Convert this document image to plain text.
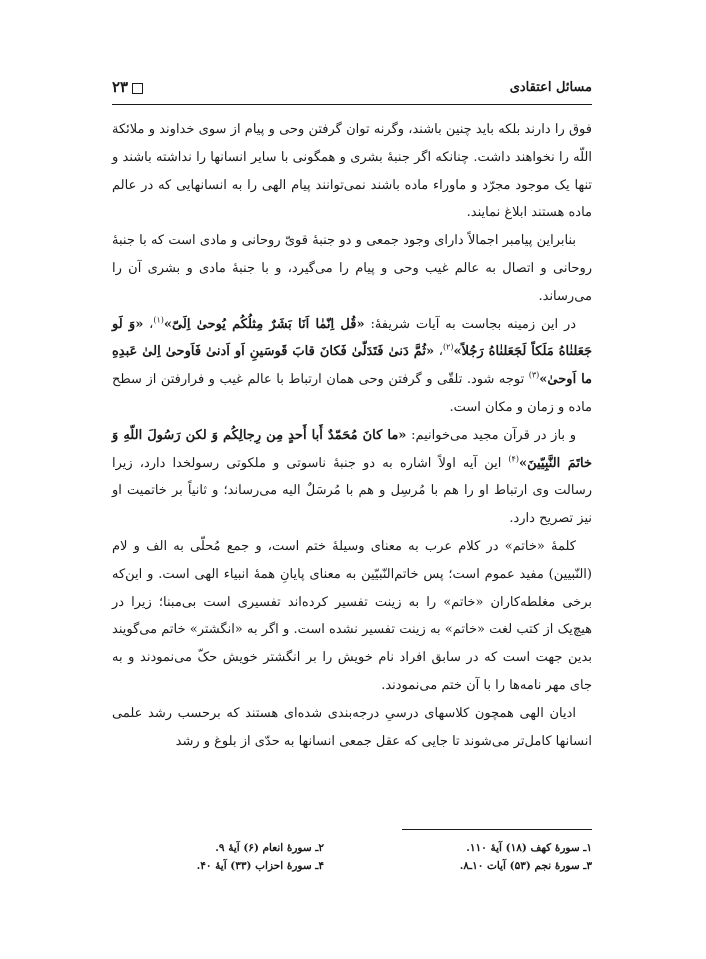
مسائل اعتقادی
۲۳

فوق را دارند بلکه باید چنین باشند، وگرنه توان گرفتن وحی و پیام از سوی خداوند و ملائکة اللّه را نخواهند داشت. چنانکه اگر جنبهٔ بشری و همگونی با سایر انسانها را نداشته باشند و تنها یک موجود مجرّد و ماوراء ماده باشند نمی‌توانند پیام الهی را به انسانهایی که در عالم ماده هستند ابلاغ نمایند.

بنابراین پیامبر اجمالاً دارای وجود جمعی و دو جنبهٔ قویّ روحانی و مادی است که با جنبهٔ روحانی و اتصال به عالم غیب وحی و پیام را می‌گیرد، و با جنبهٔ مادی و بشری آن را می‌رساند.

در این زمینه بجاست به آیات شریفهٔ: «قُل اِنّمٰا اَنَا بَشَرٌ مِثلُکُم یُوحیٰ اِلَیّ»$^{(۱)}$، «وَ لَو جَعَلنٰاهُ مَلَکاً لَجَعَلنٰاهُ رَجُلاً»$^{(۲)}$، «ثُمَّ دَنیٰ فَتَدَلّیٰ فَکانَ قابَ قَوسَینِ اَو اَدنیٰ فَاَوحیٰ اِلیٰ عَبدِهِ ما اَوحیٰ»$^{(۳)}$ توجه شود. تلقّی و گرفتن وحی همان ارتباط با عالم غیب و فرارفتن از سطح ماده و زمان و مکان است.

و باز در قرآن مجید می‌خوانیم: «ما کانَ مُحَمّدٌ أَبا أَحدٍ مِن رِجالِکُم وَ لکن رَسُولَ اللّهِ وَ خاتَمَ النَّبِیّینَ»$^{(۴)}$ این آیه اولاً اشاره به دو جنبهٔ ناسوتی و ملکوتی رسولخدا دارد، زیرا رسالت وی ارتباط او را هم با مُرسِل و هم با مُرسَلٌ الیه می‌رساند؛ و ثانیاً بر خاتمیت او نیز تصریح دارد.

کلمهٔ «خاتم» در کلام عرب به معنای وسیلهٔ ختم است، و جمع مُحلّی به الف و لام (النّبیین) مفید عموم است؛ پس خاتم‌النّبیّین به معنای پایانِ همهٔ انبیاء الهی است. و این‌که برخی مغلطه‌کاران «خاتم» را به زینت تفسیر کرده‌اند تفسیری است بی‌مبنا؛ زیرا در هیچ‌یک از کتب لغت «خاتم» به زینت تفسیر نشده است. و اگر به «انگشتر» خاتم می‌گویند بدین جهت است که در سابق افراد نام خویش را بر انگشتر خویش حکّ می‌نمودند و به جای مهر نامه‌ها را با آن ختم می‌نمودند.

ادیان الهی همچون کلاسهای درسیِ درجه‌بندی شده‌ای هستند که برحسب رشد علمی انسانها کامل‌تر می‌شوند تا جایی که عقل جمعی انسانها به حدّی از بلوغ و رشد

۱ـ سورهٔ کهف (۱۸) آیهٔ ۱۱۰.
۲ـ سورهٔ انعام (۶) آیهٔ ۹.
۳ـ سورهٔ نجم (۵۳) آیات ۱۰ـ۸.
۴ـ سورهٔ احزاب (۳۳) آیهٔ ۴۰.
